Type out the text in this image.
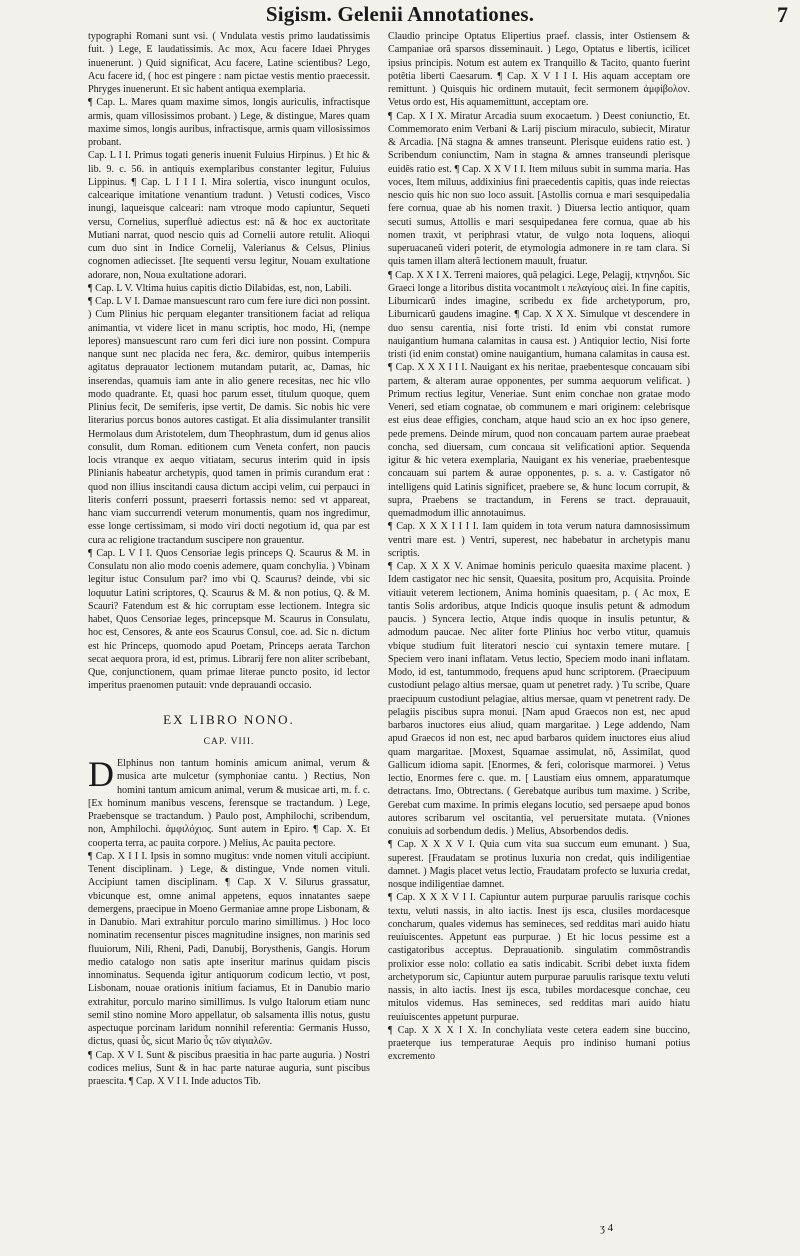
Sigism. Gelenii Annotationes.	7

typographi Romani sunt vsi. ( Vndulata vestis primo laudatissimis fuit. ) Lege, E laudatissimis. Ac mox, Acu facere Idaei Phryges inuenerunt. ) Quid significat, Acu facere, Latine scientibus? Lego, Acu facere id, ( hoc est pingere : nam pictae vestis mentio praecessit. Phryges inuenerunt. Et sic habent antiqua exemplaria.

¶ Cap. L. Mares quam maxime simos, longis auriculis, infractisque armis, quam villosissimos probant. ) Lege, & distingue, Mares quam maxime simos, longis auribus, infractisque, armis quam villosissimos probant.

Cap. L I I. Primus togati generis inuenit Fuluius Hirpinus. ) Et hic & lib. 9. c. 56. in antiquis exemplaribus constanter legitur, Fuluius Lippinus. ¶ Cap. L I I I I. Mira solertia, visco inungunt oculos, calcearique imitatione venantium tradunt. ) Vetusti codices, Visco inungi, laqueisque calceari: nam vtroque modo capiuntur, Sequeti versu, Cornelius, superfluè adiectus est: nã & hoc ex auctoritate Mutiani narrat, quod nescio quis ad Cornelii autore retulit. Alioqui cum duo sint in Indice Cornelij, Valerianus & Celsus, Plinius cognomen adiecisset. [Ite sequenti versu legitur, Nouam exultatione adorare, non, Noua exultatione adorari.

¶ Cap. L V. Vltima huius capitis dictio Dilabidas, est, non, Labili.

¶ Cap. L V I. Damae mansuescunt raro cum fere iure dici non possint. ) Cum Plinius hic perquam eleganter transitionem faciat ad reliqua animantia, vt videre licet in manu scriptis, hoc modo, Hi, (nempe lepores) mansuescunt raro cum feri dici iure non possint. Compura nanque sunt nec placida nec fera, &c. demiror, quibus intemperiis agitatus deprauator lectionem mutandam putarit, ac, Damas, hic inserendas, quamuis iam ante in alio genere recesitas, nec hic vllo modo quadrante. Et, quasi hoc parum esset, titulum quoque, quem Plinius fecit, De semiferis, ipse vertit, De damis. Sic nobis hic vere literarius porcus bonos autores castigat. Et alia dissimulanter transilit Hermolaus dum Aristotelem, dum Theophrastum, dum id genus alios consulit, dum Roman. editionem cum Veneta confert, non paucis locis vtranque ex aequo vitiatam, securus interim quid in ipsis Plinianis habeatur archetypis, quod tamen in primis curandum erat : quod non illius inscitandi causa dictum accipi velim, cui perpauci in literis conferri possunt, praeserri fortassis nemo: sed vt appareat, hanc viam succurrendi veterum monumentis, quam nos ingredimur, esse longe certissimam, si modo viri docti negotium id, qua par est cura ac religione tractandum suscipere non grauentur.

¶ Cap. L V I I. Quos Censoriae legis princeps Q. Scaurus & M. in Consulatu non alio modo coenis ademere, quam conchylia. ) Vbinam legitur istuc Consulum par? imo vbi Q. Scaurus? deinde, vbi sic loquutur Latini scriptores, Q. Scaurus & M. & non potius, Q. & M. Scauri? Fatendum est & hic corruptam esse lectionem. Integra sic habet, Quos Censoriae leges, princepsque M. Scaurus in Consulatu, hoc est, Censores, & ante eos Scaurus Consul, coe. ad. Sic n. dictum est hic Princeps, quomodo apud Poetam, Princeps aerata Tarchon secat aequora prora, id est, primus. Librarij fere non aliter scribebant, Que, conjunctionem, quam primae literae puncto posito, id lector imperitus praenomen putauit: vnde deprauandi occasio.

EX LIBRO NONO.

CAP. VIII.

D Elphinus non tantum hominis amicum animal, verum & musica arte mulcetur (symphoniae cantu. ) Rectius, Non homini tantum amicum animal, verum & musicae arti, m. f. c. [Ex hominum manibus vescens, ferensque se tractandum. ) Lege, Praebensque se tractandum. ) Paulo post, Amphilochi, scribendum, non, Amphilochi. ἀμφιλόχιος. Sunt autem in Epiro. ¶ Cap. X. Et cooperta terra, ac pauita corpore. ) Melius, Ac pauita pectore.

¶ Cap. X I I I. Ipsis in somno mugitus: vnde nomen vituli accipiunt. Tenent disciplinam. ) Lege, & distingue, Vnde nomen vituli. Accipiunt tamen disciplinam. ¶ Cap. X V. Silurus grassatur, vbicunque est, omne animal appetens, equos innatantes saepe demergens, praecipue in Moeno Germaniae amne prope Lisbonam, & in Danubio. Mari extrahitur porculo marino simillimus. ) Hoc loco nominatim recensentur pisces magnitudine insignes, non marinis sed fluuiorum, Nili, Rheni, Padi, Danubij, Borysthenis, Gangis. Horum medio catalogo non satis apte inseritur marinus quidam piscis innominatus. Sequenda igitur antiquorum codicum lectio, vt post, Lisbonam, nouae orationis initium faciamus, Et in Danubio mario extrahitur, porculo marino simillimus. Is vulgo Italorum etiam nunc semil stino nomine Moro appellatur, ob salsamenta illis notus, gustu aspectuque porcinam laridum nonnihil referentia: Germanis Husso, dictus, quasi ὗς, sicut Mario ὗς τῶν αἰγιαλῶν.

¶ Cap. X V I. Sunt & piscibus praesitia in hac parte auguria. ) Nostri codices melius, Sunt & in hac parte naturae auguria, sunt piscibus praescita. ¶ Cap. X V I I. Inde aductos Tib.

Claudio principe Optatus Elipertius praef. classis, inter Ostiensem & Campaniae orã sparsos disseminauit. ) Lego, Optatus e libertis, icilicet ipsius principis. Notum est autem ex Tranquillo & Tacito, quanto fuerint potẽtia liberti Caesarum. ¶ Cap. X V I I I. His aquam acceptam ore remittunt. ) Quisquis hic ordinem mutauit, fecit sermonem ἀμφίβολον. Vetus ordo est, His aquamemittunt, acceptam ore.

¶ Cap. X I X. Miratur Arcadia suum exocaetum. ) Deest coniunctio, Et. Commemorato enim Verbani & Larij piscium miraculo, subiecit, Miratur & Arcadia. [Nã stagna & amnes transeunt. Plerisque euidens ratio est. ) Scribendum coniunctim, Nam in stagna & amnes transeundi plerisque euidẽs ratio est. ¶ Cap. X X V I I. Item miluus subit in summa maria. Has voces, Item miluus, addixinius fini praecedentis capitis, quas inde reiectas nescio quis hic non suo loco assuit. [Astollis cornua e mari sesquipedalia fere cornua, quae ab his nomen traxit. ) Diuersa lectio antiquor, quam secuti sumus, Attollis e mari sesquipedanea fere cornua, quae ab his nomen traxit, vt periphrasi vtatur, de vulgo nota loquens, alioqui superuacaneũ videri poterit, de etymologia admonere in re tam clara. Si quis tamen illam alterã lectionem mauult, fruatur.

¶ Cap. X X I X. Terreni maiores, quã pelagici. Lege, Pelagij, κτηνηδοι. Sic Graeci longe a litoribus distita vocantmolt ι πελαγίους αἰεὶ. In fine capitis, Liburnicarũ indes imagine, scribedu ex fide archetyporum, pro, Liburnicarũ gaudens imagine. ¶ Cap. X X X. Simulque vt descendere in duo sensu carentia, nisi forte tristi. Id enim vbi constat rumore nauigantium humana calamitas in causa est. ) Antiquior lectio, Nisi forte tristi (id enim constat) omine nauigantium, humana calamitas in causa est. ¶ Cap. X X X I I I. Nauigant ex his neritae, praebentesque concauam sibi partem, & alteram aurae opponentes, per summa aequorum velificat. ) Primum rectius legitur, Veneriae. Sunt enim conchae non gratae modo Veneri, sed etiam cognatae, ob communem e mari originem: celebrisque est eius deae effigies, concham, atque haud scio an ex hoc ipso genere, pede premens. Deinde mirum, quod non concauam partem aurae praebeat concha, sed diuersam, cum concaua sit velificationi aptior. Sequenda igitur & hic vetera exemplaria, Nauigant ex his veneriae, praebentesque concauam sui partem & aurae opponentes, p. s. a. v. Castigator nõ intelligens quid Latinis significet, praebere se, & hunc locum corrupit, & supra, Praebens se tractandum, in Ferens se tract. deprauauit, quemadmodum illic annotauimus.

¶ Cap. X X X I I I I. Iam quidem in tota verum natura damnosissimum ventri mare est. ) Ventri, superest, nec habebatur in archetypis manu scriptis.

¶ Cap. X X X V. Animae hominis periculo quaesita maxime placent. ) Idem castigator nec hic sensit, Quaesita, positum pro, Acquisita. Proinde vitiauit veterem lectionem, Anima hominis quaesitam, p. ( Ac mox, E tantis Solis ardoribus, atque Indicis quoque insulis petunt & admodum paucis. ) Syncera lectio, Atque indis quoque in insulis petuntur, & admodum paucae. Nec aliter forte Plinius hoc verbo vtitur, quamuis vbique studium fuit literatori nescio cui syntaxin temere mutare. [ Speciem vero inani inflatam. Vetus lectio, Speciem modo inani inflatam. Modo, id est, tantummodo, frequens apud hunc scriptorem. (Praecipuum custodiunt pelago altius mersae, quam ut penetret rady. ) Tu scribe, Quare praecipuum custodiunt pelagiae, altius mersae, quam vt penetrent rady. De pelagiis piscibus supra monui. [Nam apud Graecos non est, nec apud barbaros inuctores eius aliud, quam margaritae. ) Lege addendo, Nam apud Graecos id non est, nec apud barbaros quidem inuctores eius aliud quam margaritae. [Moxest, Squamae assimulat, nõ, Assimilat, quod Gallicum idioma sapit. [Enormes, & feri, colorisque marmorei. ) Vetus lectio, Enormes fere c. que. m. [ Laustiam eius omnem, apparatumque detractans. Imo, Obtrectans. ( Gerebatque auribus tum maxime. ) Scribe, Gerebat cum maxime. In primis elegans locutio, sed persaepe apud bonos autores scribarum vel oscitantia, vel peruersitate mutata. (Vniones conuiuis ad sorbendum dedis. ) Melius, Absorbendos dedis.

¶ Cap. X X X V I. Quia cum vita sua succum eum emunant. ) Sua, superest. [Fraudatam se protinus luxuria non credat, quis indiligentiae damnet. ) Magis placet vetus lectio, Fraudatam profecto se luxuria credat, nosque indiligentiae damnet.

¶ Cap. X X X V I I. Capiuntur autem purpurae paruulis rarisque cochis textu, veluti nassis, in alto iactis. Inest ijs esca, clusiles mordacesque concharum, quales videmus has semineces, sed redditas mari auido hiatu reuiuiscentes. Appetunt eas purpurae. ) Et hic locus pessime est a castigatoribus acceptus. Deprauationib. singulatim commõstrandis prolixior esse nolo: collatio ea satis indicabit. Scribi debet iuxta fidem archetyporum sic, Capiuntur autem purpurae paruulis rarisque textu veluti nassis, in alto iactis. Inest ijs esca, tubiles mordacesque conchae, ceu mitulos videmus. Has semineces, sed redditas mari auido hiatu reuiuiscentes appetunt purpurae.

¶ Cap. X X X I X. In conchyliata veste cetera eadem sine buccino, praeterque ius temperaturae Aequis pro indiniso humani potius excremento

ʒ 4
